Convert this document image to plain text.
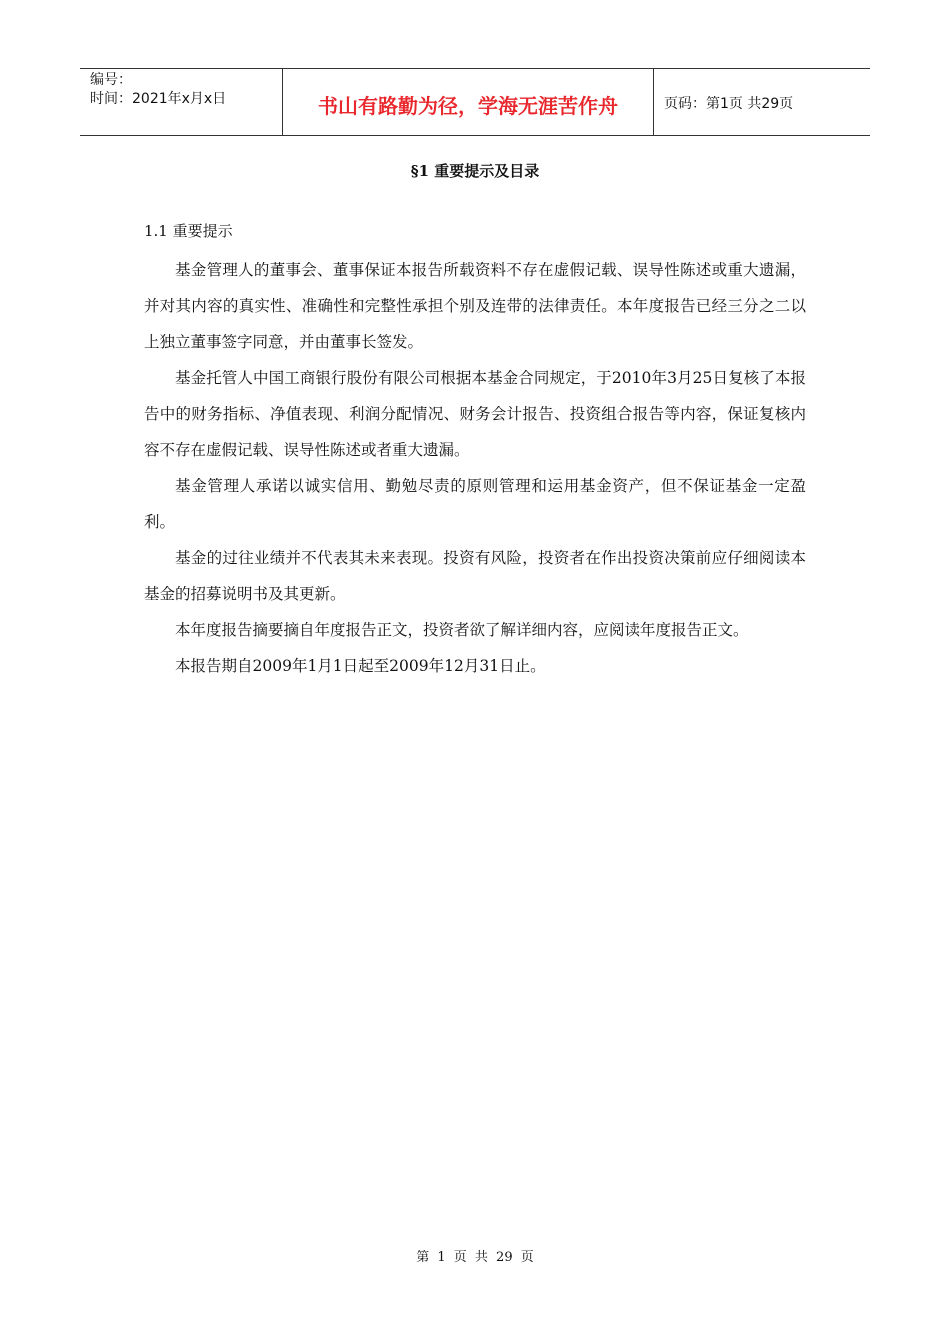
编号：
时间：2021年x月x日	书山有路勤为径，学海无涯苦作舟	页码：第1页 共29页
§1 重要提示及目录
1.1 重要提示

基金管理人的董事会、董事保证本报告所载资料不存在虚假记载、误导性陈述或重大遗漏，并对其内容的真实性、准确性和完整性承担个别及连带的法律责任。本年度报告已经三分之二以上独立董事签字同意，并由董事长签发。

基金托管人中国工商银行股份有限公司根据本基金合同规定，于2010年3月25日复核了本报告中的财务指标、净值表现、利润分配情况、财务会计报告、投资组合报告等内容，保证复核内容不存在虚假记载、误导性陈述或者重大遗漏。

基金管理人承诺以诚实信用、勤勉尽责的原则管理和运用基金资产，但不保证基金一定盈利。

基金的过往业绩并不代表其未来表现。投资有风险，投资者在作出投资决策前应仔细阅读本基金的招募说明书及其更新。

本年度报告摘要摘自年度报告正文，投资者欲了解详细内容，应阅读年度报告正文。

本报告期自2009年1月1日起至2009年12月31日止。

第 1 页 共 29 页
